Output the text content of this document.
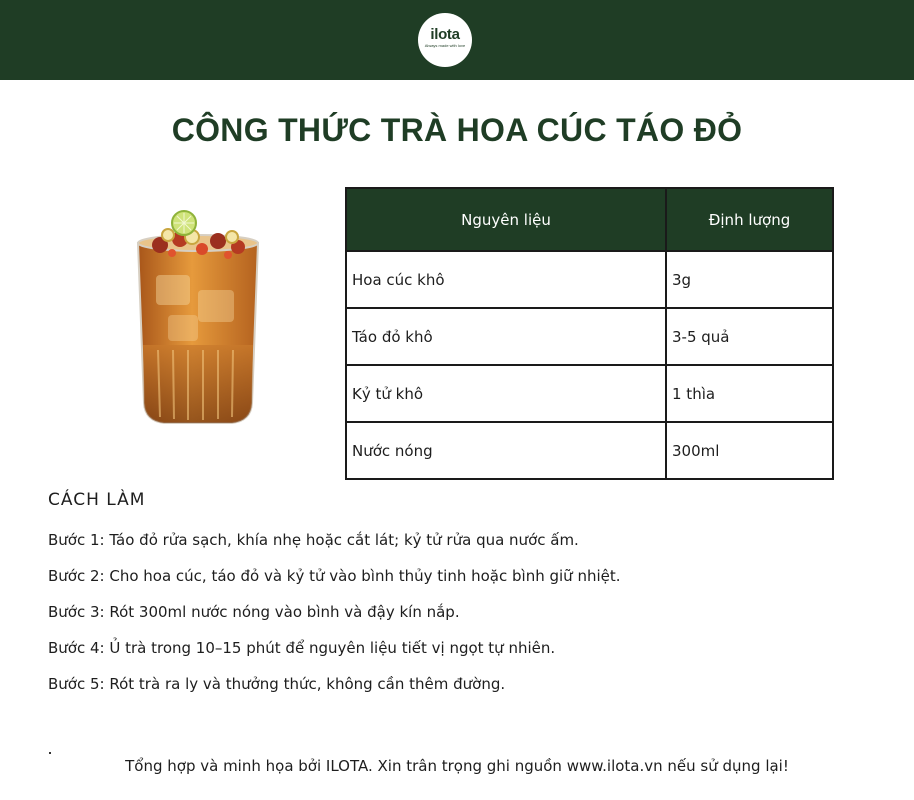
ilota
Always made with love
CÔNG THỨC TRÀ HOA CÚC TÁO ĐỎ
Nguyên liệu	Định lượng
Hoa cúc khô	3g
Táo đỏ khô	3-5 quả
Kỷ tử khô	1 thìa
Nước nóng	300ml
CÁCH LÀM
Bước 1: Táo đỏ rửa sạch, khía nhẹ hoặc cắt lát; kỷ tử rửa qua nước ấm.
Bước 2: Cho hoa cúc, táo đỏ và kỷ tử vào bình thủy tinh hoặc bình giữ nhiệt.
Bước 3: Rót 300ml nước nóng vào bình và đậy kín nắp.
Bước 4: Ủ trà trong 10–15 phút để nguyên liệu tiết vị ngọt tự nhiên.
Bước 5: Rót trà ra ly và thưởng thức, không cần thêm đường.
Tổng hợp và minh họa bởi ILOTA. Xin trân trọng ghi nguồn www.ilota.vn nếu sử dụng lại!
